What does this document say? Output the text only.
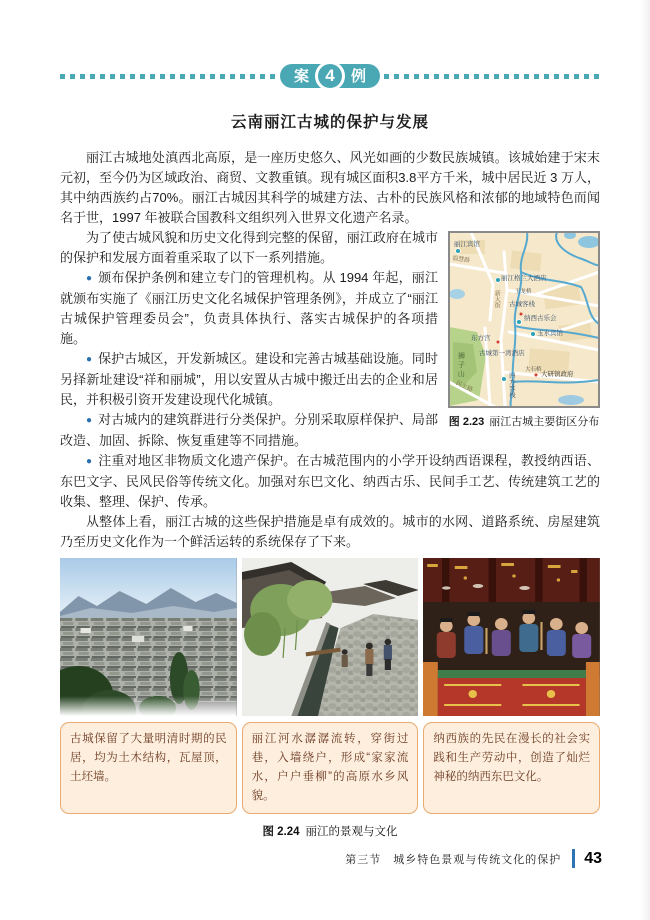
案 4	例
云南丽江古城的保护与发展

丽江古城地处滇西北高原，是一座历史悠久、风光如画的少数民族城镇。该城始建于宋末元初，至今仍为区域政治、商贸、文教重镇。现有城区面积3.8平方千米，城中居民近 3 万人，其中纳西族约占70%。丽江古城因其科学的城建方法、古朴的民族风格和浓郁的地域特色而闻名于世，1997 年被联合国教科文组织列入世界文化遗产名录。

丽江宾馆
福慧路
丽江格兰大酒店
玉龙桥
古城客栈
纳西古乐会
玉水宾馆
东方宫
古城第一湾酒店
狮子山
新大街
四方客栈
大石桥
大研镇政府
民主路
图 2.23 丽江古城主要街区分布

为了使古城风貌和历史文化得到完整的保留，丽江政府在城市的保护和发展方面着重采取了以下一系列措施。

● 颁布保护条例和建立专门的管理机构。从 1994 年起，丽江就颁布实施了《丽江历史文化名城保护管理条例》，并成立了“丽江古城保护管理委员会”，负责具体执行、落实古城保护的各项措施。

● 保护古城区，开发新城区。建设和完善古城基础设施。同时另择新址建设“祥和丽城”，用以安置从古城中搬迁出去的企业和居民，并积极引资开发建设现代化城镇。

● 对古城内的建筑群进行分类保护。分别采取原样保护、局部改造、加固、拆除、恢复重建等不同措施。

● 注重对地区非物质文化遗产保护。在古城范围内的小学开设纳西语课程，教授纳西语、东巴文字、民风民俗等传统文化。加强对东巴文化、纳西古乐、民间手工艺、传统建筑工艺的收集、整理、保护、传承。

从整体上看，丽江古城的这些保护措施是卓有成效的。城市的水网、道路系统、房屋建筑乃至历史文化作为一个鲜活运转的系统保存了下来。

古城保留了大量明清时期的民居，均为土木结构，瓦屋顶，土坯墙。
丽江河水潺潺流转，穿街过巷，入墙绕户，形成“家家流水，户户垂柳”的高原水乡风貌。
纳西族的先民在漫长的社会实践和生产劳动中，创造了灿烂神秘的纳西东巴文化。
图 2.24 丽江的景观与文化
第三节　城乡特色景观与传统文化的保护 43
